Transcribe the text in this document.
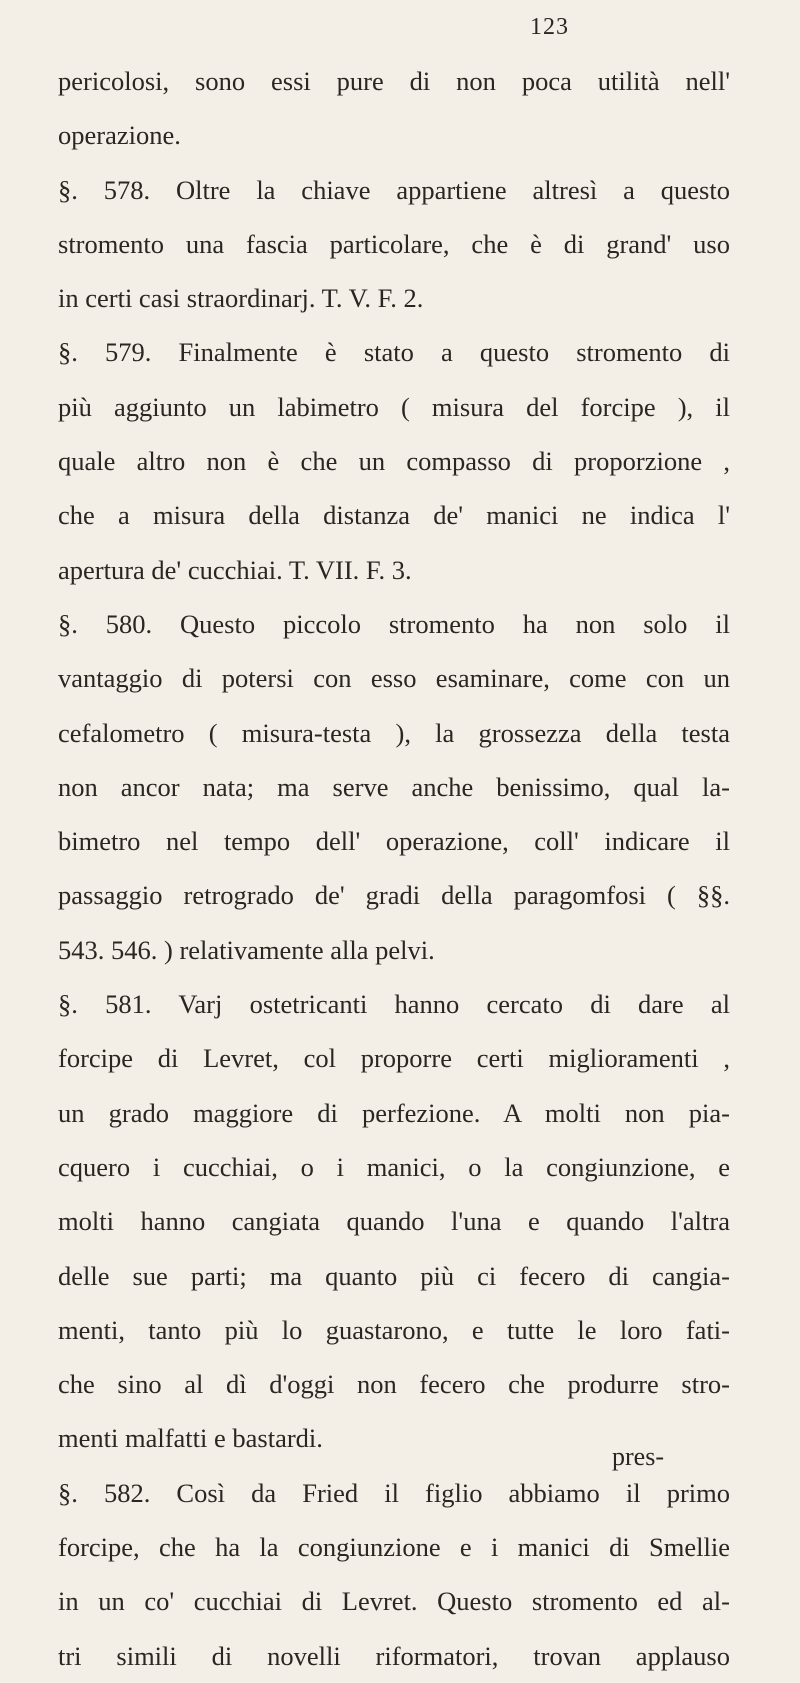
123
pericolosi, sono essi pure di non poca utilità nell'
operazione.
§. 578. Oltre la chiave appartiene altresì a questo
stromento una fascia particolare, che è di grand' uso
in certi casi straordinarj. T. V. F. 2.
§. 579. Finalmente è stato a questo stromento di
più aggiunto un labimetro ( misura del forcipe ), il
quale altro non è che un compasso di proporzione ,
che a misura della distanza de' manici ne indica l'
apertura de' cucchiai. T. VII. F. 3.
§. 580. Questo piccolo stromento ha non solo il
vantaggio di potersi con esso esaminare, come con un
cefalometro ( misura-testa ), la grossezza della testa
non ancor nata; ma serve anche benissimo, qual la-
bimetro nel tempo dell' operazione, coll' indicare il
passaggio retrogrado de' gradi della paragomfosi ( §§.
543. 546. ) relativamente alla pelvi.
§. 581. Varj ostetricanti hanno cercato di dare al
forcipe di Levret, col proporre certi miglioramenti ,
un grado maggiore di perfezione. A molti non pia-
cquero i cucchiai, o i manici, o la congiunzione, e
molti hanno cangiata quando l'una e quando l'altra
delle sue parti; ma quanto più ci fecero di cangia-
menti, tanto più lo guastarono, e tutte le loro fati-
che sino al dì d'oggi non fecero che produrre stro-
menti malfatti e bastardi.
§. 582. Così da Fried il figlio abbiamo il primo
forcipe, che ha la congiunzione e i manici di Smellie
in un co' cucchiai di Levret. Questo stromento ed al-
tri simili di novelli riformatori, trovan applauso
pres-
